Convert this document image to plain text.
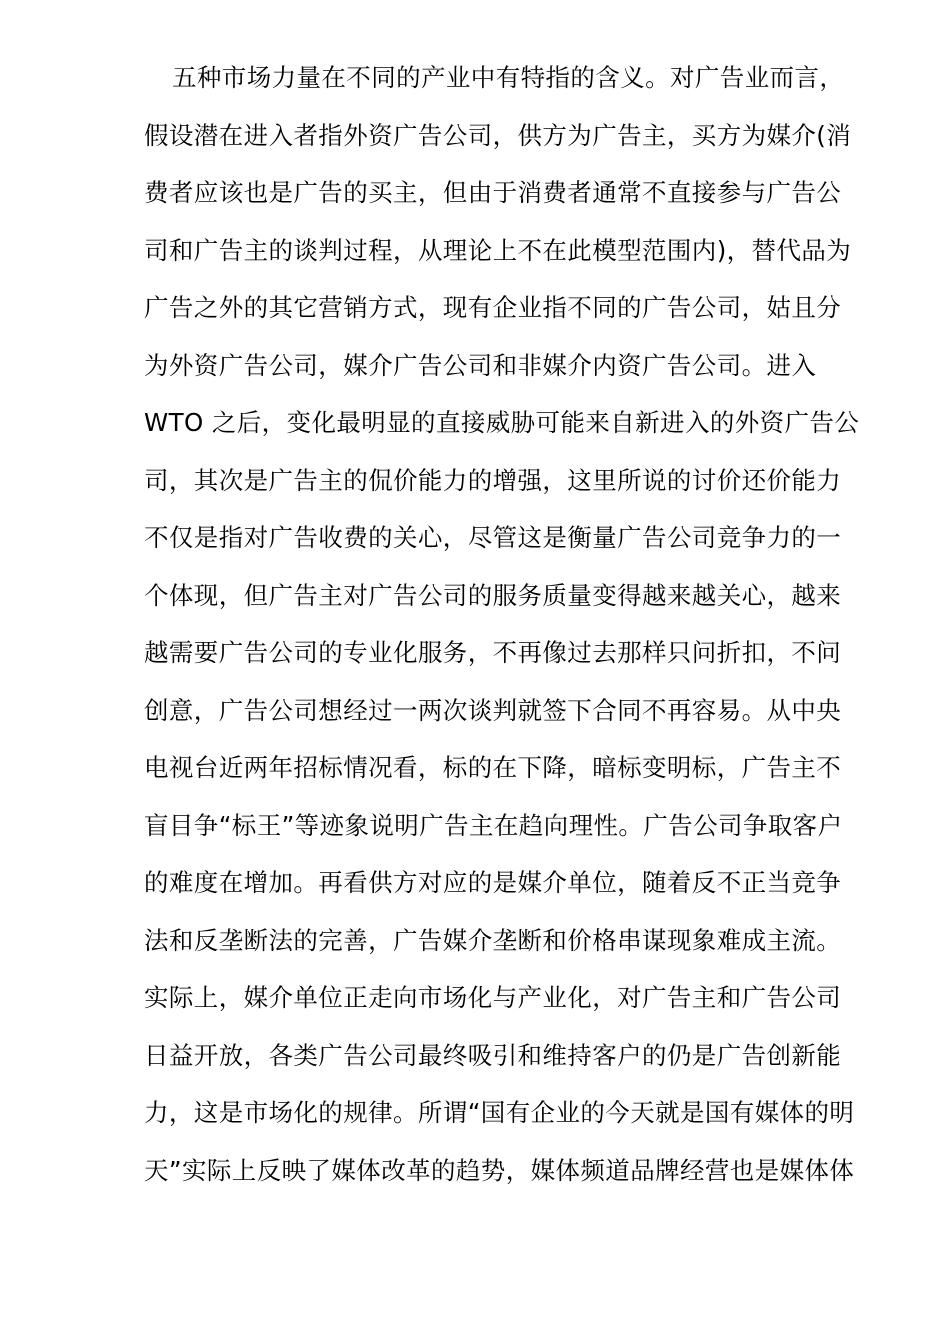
五种市场力量在不同的产业中有特指的含义。对广告业而言，
假设潜在进入者指外资广告公司，供方为广告主，买方为媒介(消
费者应该也是广告的买主，但由于消费者通常不直接参与广告公
司和广告主的谈判过程，从理论上不在此模型范围内)，替代品为
广告之外的其它营销方式，现有企业指不同的广告公司，姑且分
为外资广告公司，媒介广告公司和非媒介内资广告公司。进入
WTO 之后，变化最明显的直接威胁可能来自新进入的外资广告公
司，其次是广告主的侃价能力的增强，这里所说的讨价还价能力
不仅是指对广告收费的关心，尽管这是衡量广告公司竞争力的一
个体现，但广告主对广告公司的服务质量变得越来越关心，越来
越需要广告公司的专业化服务，不再像过去那样只问折扣，不问
创意，广告公司想经过一两次谈判就签下合同不再容易。从中央
电视台近两年招标情况看，标的在下降，暗标变明标，广告主不
盲目争“标王”等迹象说明广告主在趋向理性。广告公司争取客户
的难度在增加。再看供方对应的是媒介单位，随着反不正当竞争
法和反垄断法的完善，广告媒介垄断和价格串谋现象难成主流。
实际上，媒介单位正走向市场化与产业化，对广告主和广告公司
日益开放，各类广告公司最终吸引和维持客户的仍是广告创新能
力，这是市场化的规律。所谓“国有企业的今天就是国有媒体的明
天”实际上反映了媒体改革的趋势，媒体频道品牌经营也是媒体体
